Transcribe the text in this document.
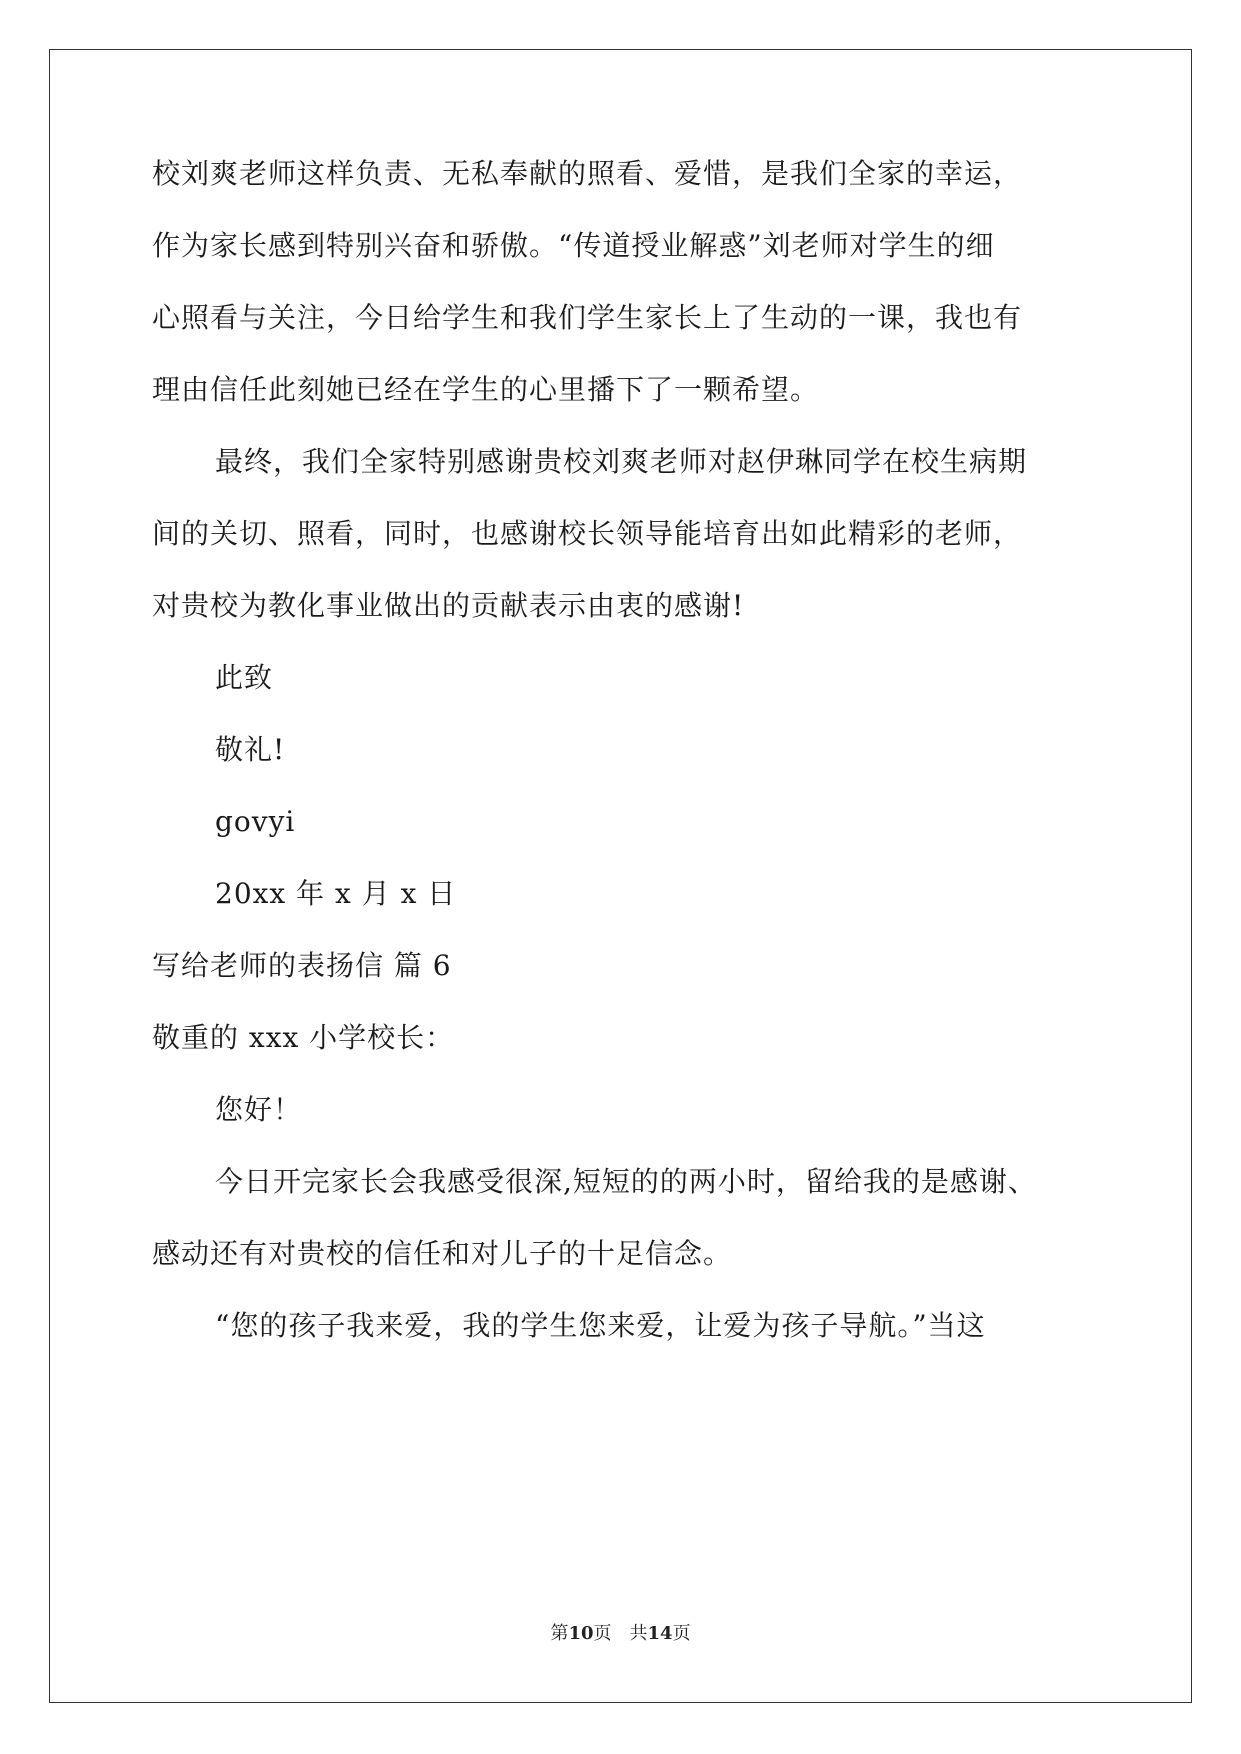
校刘爽老师这样负责、无私奉献的照看、爱惜，是我们全家的幸运，
作为家长感到特别兴奋和骄傲。“传道授业解惑”刘老师对学生的细
心照看与关注，今日给学生和我们学生家长上了生动的一课，我也有
理由信任此刻她已经在学生的心里播下了一颗希望。
最终，我们全家特别感谢贵校刘爽老师对赵伊琳同学在校生病期
间的关切、照看，同时，也感谢校长领导能培育出如此精彩的老师，
对贵校为教化事业做出的贡献表示由衷的感谢!
此致
敬礼!
govyi
20xx 年 x 月 x 日
写给老师的表扬信 篇 6
敬重的 xxx 小学校长：
您好！
今日开完家长会我感受很深,短短的的两小时，留给我的是感谢、
感动还有对贵校的信任和对儿子的十足信念。
“您的孩子我来爱，我的学生您来爱，让爱为孩子导航。”当这
第10页 共14页
